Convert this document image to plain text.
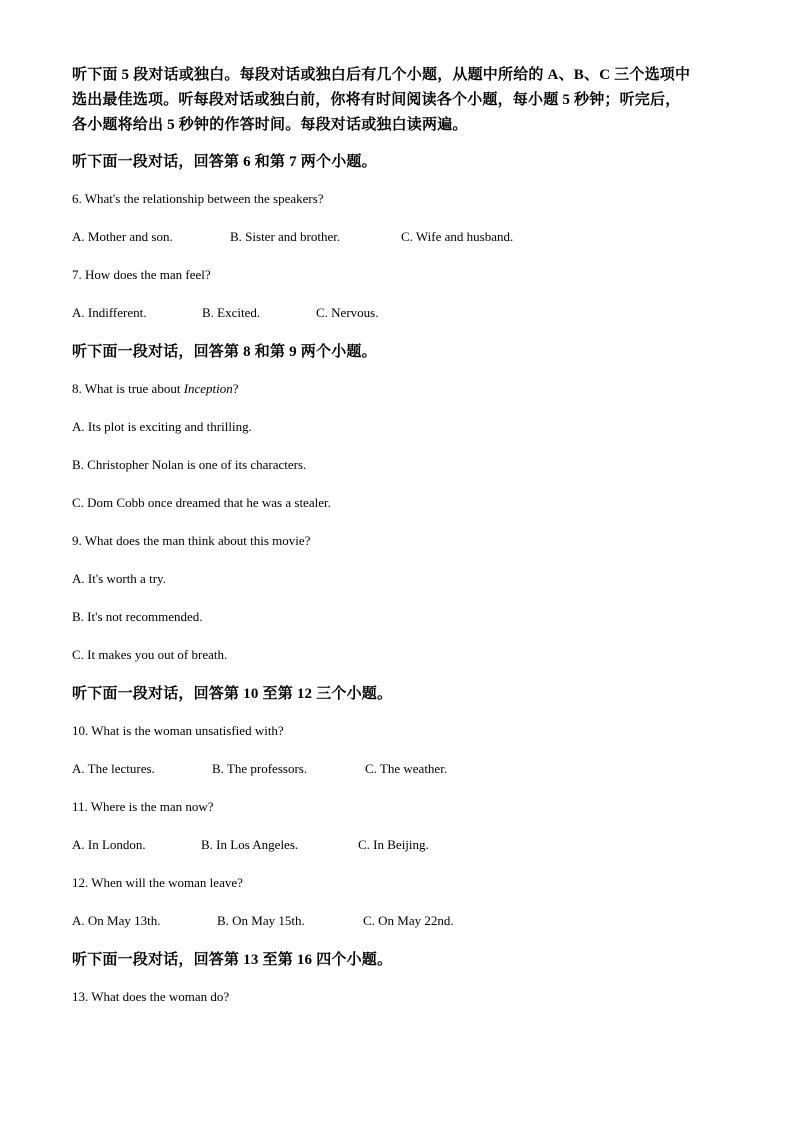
听下面 5 段对话或独白。每段对话或独白后有几个小题，从题中所给的 A、B、C 三个选项中
选出最佳选项。听每段对话或独白前，你将有时间阅读各个小题，每小题 5 秒钟；听完后，
各小题将给出 5 秒钟的作答时间。每段对话或独白读两遍。
听下面一段对话，回答第 6 和第 7 两个小题。
6. What's the relationship between the speakers?
A. Mother and son.	B. Sister and brother.	C. Wife and husband.
7. How does the man feel?
A. Indifferent.	B. Excited.	C. Nervous.
听下面一段对话，回答第 8 和第 9 两个小题。
8. What is true about Inception?
A. Its plot is exciting and thrilling.
B. Christopher Nolan is one of its characters.
C. Dom Cobb once dreamed that he was a stealer.
9. What does the man think about this movie?
A. It's worth a try.
B. It's not recommended.
C. It makes you out of breath.
听下面一段对话，回答第 10 至第 12 三个小题。
10. What is the woman unsatisfied with?
A. The lectures.	B. The professors.	C. The weather.
11. Where is the man now?
A. In London.	B. In Los Angeles.	C. In Beijing.
12. When will the woman leave?
A. On May 13th.	B. On May 15th.	C. On May 22nd.
听下面一段对话，回答第 13 至第 16 四个小题。
13. What does the woman do?
